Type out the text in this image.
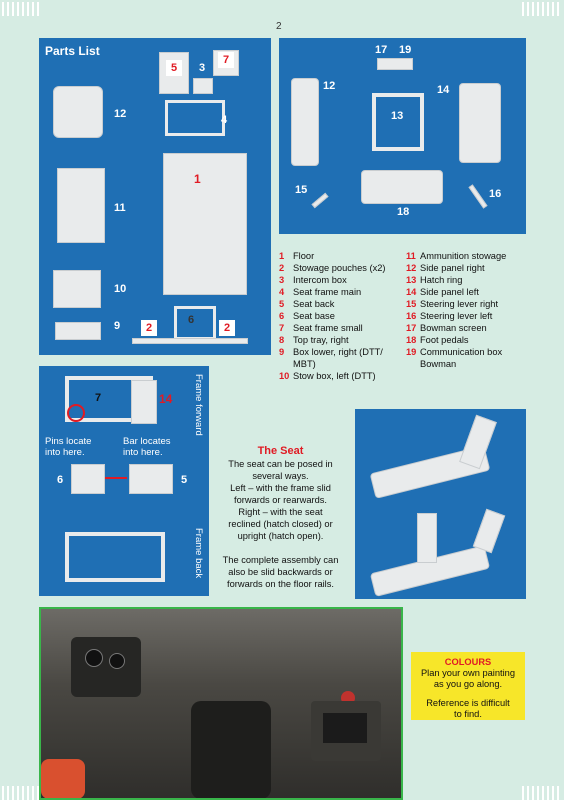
2
Parts List
6
2	2
5
7
3
4
1
12
11
10
9
17 19
12
13
14
15	16
18
1 Floor
2 Stowage pouches (x2)
3 Intercom box
4 Seat frame main
5 Seat back
6 Seat base
7 Seat frame small
8 Top tray, right
9 Box lower, right (DTT/
MBT)
10 Stow box, left (DTT)
11 Ammunition stowage
12 Side panel right
13 Hatch ring
14 Side panel left
15 Steering lever right
16 Steering lever left
17 Bowman screen
18 Foot pedals
19 Communication box
Bowman
7	14
Pins locate
into here.
Bar locates
into here.
6	5
Frame forward
Frame back
The Seat
The seat can be posed in
several ways.
Left – with the frame slid
forwards or rearwards.
Right – with the seat
reclined (hatch closed) or
upright (hatch open).
The complete assembly can
also be slid backwards or
forwards on the floor rails.
COLOURS
Plan your own painting
as you go along.
Reference is difficult
to find.
